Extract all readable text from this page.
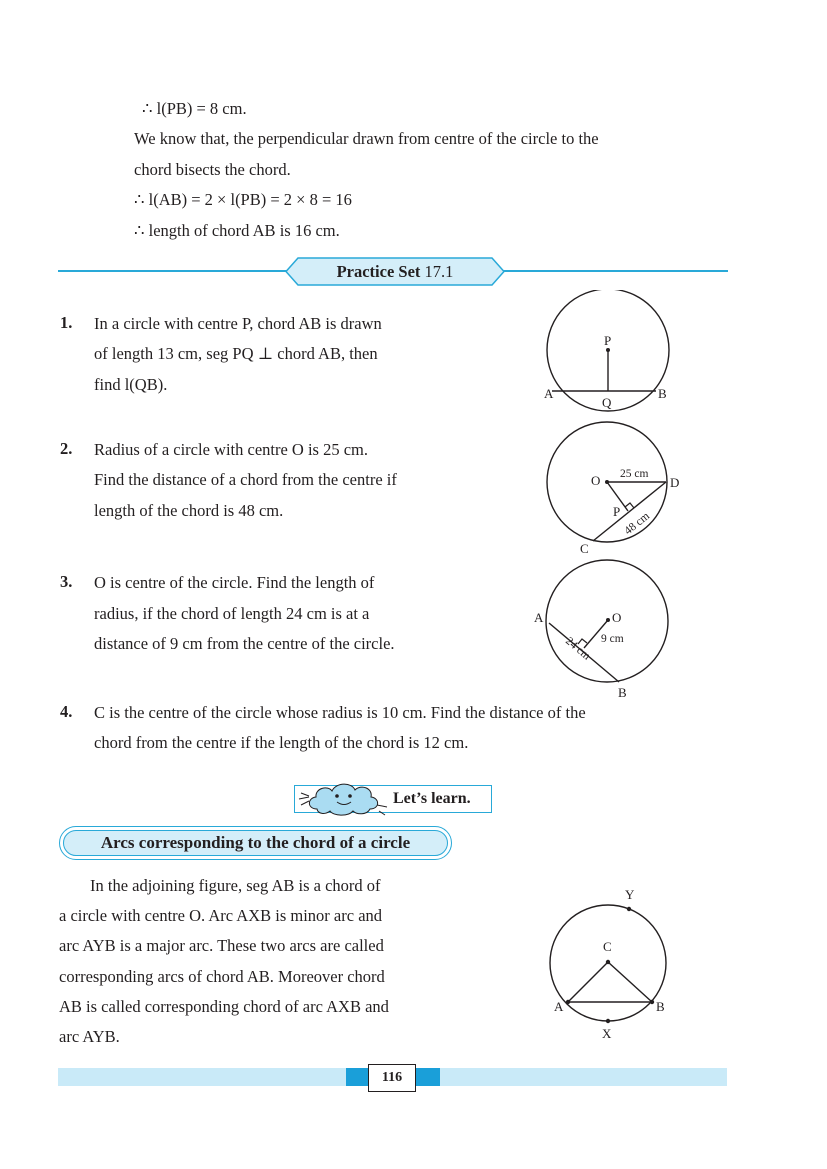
∴ l(PB) = 8 cm.
We know that, the perpendicular drawn from centre of the circle to the
chord bisects the chord.
∴ l(AB) = 2 × l(PB) = 2 × 8 = 16
∴ length of chord AB is 16 cm.
Practice Set 17.1
1. In a circle with centre P, chord AB is drawn
of length 13 cm, seg PQ ⊥ chord AB, then
find l(QB).
P
A
Q
B
2. Radius of a circle with centre O is 25 cm.
Find the distance of a chord from the centre if
length of the chord is 48 cm.
O	D
P
C
25 cm
48 cm
3. O is centre of the circle. Find the length of
radius, if the chord of length 24 cm is at a
distance of 9 cm from the centre of the circle.
A	O
B
9 cm
24 cm
4. C is the centre of the circle whose radius is 10 cm. Find the distance of the
chord from the centre if the length of the chord is 12 cm.
Let’s learn.
Arcs corresponding to the chord of a circle
In the adjoining figure, seg AB is a chord of
a circle with centre O. Arc AXB is minor arc and
arc AYB is a major arc. These two arcs are called
corresponding arcs of chord AB. Moreover chord
AB is called corresponding chord of arc AXB and
arc AYB.
Y
C
A	B
X
116
